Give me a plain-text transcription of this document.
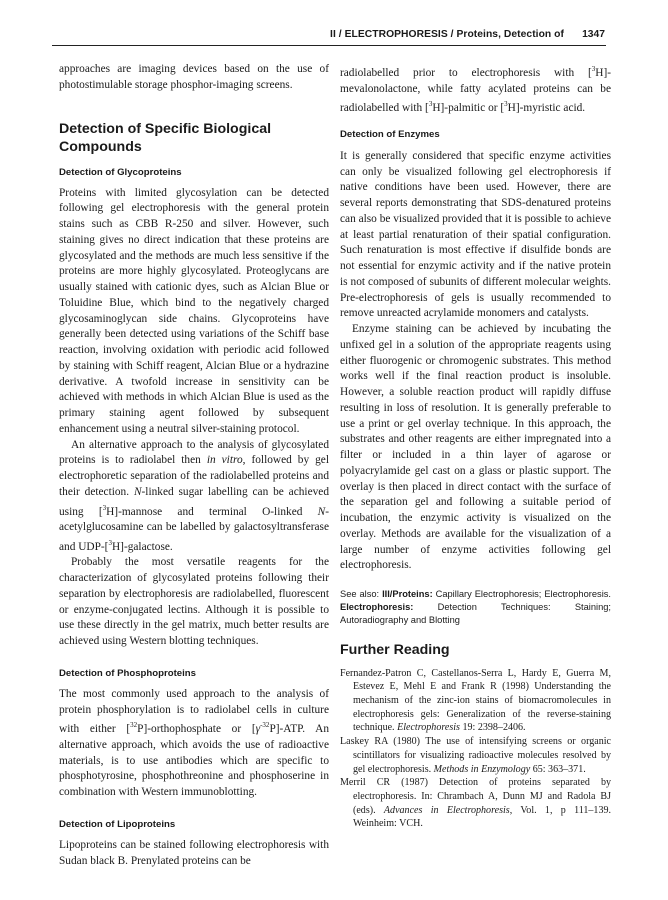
II / ELECTROPHORESIS / Proteins, Detection of 1347

approaches are imaging devices based on the use of photostimulable storage phosphor-imaging screens.

Detection of Specific Biological Compounds
Detection of Glycoproteins

Proteins with limited glycosylation can be detected following gel electrophoresis with the general protein stains such as CBB R-250 and silver. However, such staining gives no direct indication that these proteins are glycosylated and the methods are much less sensitive if the proteins are more highly glycosylated. Proteoglycans are usually stained with cationic dyes, such as Alcian Blue or Toluidine Blue, which bind to the negatively charged glycosaminoglycan side chains. Glycoproteins have generally been detected using variations of the Schiff base reaction, involving oxidation with periodic acid followed by staining with Schiff reagent, Alcian Blue or a hydrazine derivative. A twofold increase in sensitivity can be achieved with methods in which Alcian Blue is used as the primary staining agent followed by subsequent enhancement using a neutral silver-staining protocol.

An alternative approach to the analysis of glycosylated proteins is to radiolabel then in vitro, followed by gel electrophoretic separation of the radiolabelled proteins and their detection. N-linked sugar labelling can be achieved using [$^3$H]-mannose and terminal O-linked N-acetylglucosamine can be labelled by galactosyltransferase and UDP-[$^3$H]-galactose.

Probably the most versatile reagents for the characterization of glycosylated proteins following their separation by electrophoresis are radiolabelled, fluorescent or enzyme-conjugated lectins. Although it is possible to use these directly in the gel matrix, much better results are achieved using Western blotting techniques.

Detection of Phosphoproteins

The most commonly used approach to the analysis of protein phosphorylation is to radiolabel cells in culture with either [$^{32}$P]-orthophosphate or $[\gamma^{-32}P]$-ATP. An alternative approach, which avoids the use of radioactive materials, is to use antibodies which are specific to phosphotyrosine, phosphothreonine and phosphoserine in combination with Western immunoblotting.

Detection of Lipoproteins

Lipoproteins can be stained following electrophoresis with Sudan black B. Prenylated proteins can be

radiolabelled prior to electrophoresis with [$^3$H]-mevalonolactone, while fatty acylated proteins can be radiolabelled with [$^3$H]-palmitic or [$^3$H]-myristic acid.

Detection of Enzymes

It is generally considered that specific enzyme activities can only be visualized following gel electrophoresis if native conditions have been used. However, there are several reports demonstrating that SDS-denatured proteins can also be visualized provided that it is possible to achieve at least partial renaturation of their spatial configuration. Such renaturation is most effective if disulfide bonds are not essential for enzymic activity and if the native protein is not composed of subunits of different molecular weights. Pre-electrophoresis of gels is usually recommended to remove unreacted acrylamide monomers and catalysts.

Enzyme staining can be achieved by incubating the unfixed gel in a solution of the appropriate reagents using either fluorogenic or chromogenic substrates. This method works well if the final reaction product is insoluble. However, a soluble reaction product will rapidly diffuse resulting in loss of resolution. It is generally preferable to use a print or gel overlay technique. In this approach, the substrates and other reagents are either impregnated into a filter or included in a thin layer of agarose or polyacrylamide gel cast on a glass or plastic support. The overlay is then placed in direct contact with the surface of the separation gel and following a suitable period of incubation, the enzymic activity is visualized on the overlay. Methods are available for the visualization of a large number of enzyme activities following gel electrophoresis.

See also: III/Proteins: Capillary Electrophoresis; Electrophoresis. Electrophoresis: Detection Techniques: Staining; Autoradiography and Blotting
Further Reading

Fernandez-Patron C, Castellanos-Serra L, Hardy E, Guerra M, Estevez E, Mehl E and Frank R (1998) Understanding the mechanism of the zinc-ion stains of biomacromolecules in electrophoresis gels: Generalization of the reverse-staining technique. Electrophoresis 19: 2398–2406.

Laskey RA (1980) The use of intensifying screens or organic scintillators for visualizing radioactive molecules resolved by gel electrophoresis. Methods in Enzymology 65: 363–371.

Merril CR (1987) Detection of proteins separated by electrophoresis. In: Chrambach A, Dunn MJ and Radola BJ (eds). Advances in Electrophoresis, Vol. 1, p 111–139. Weinheim: VCH.
